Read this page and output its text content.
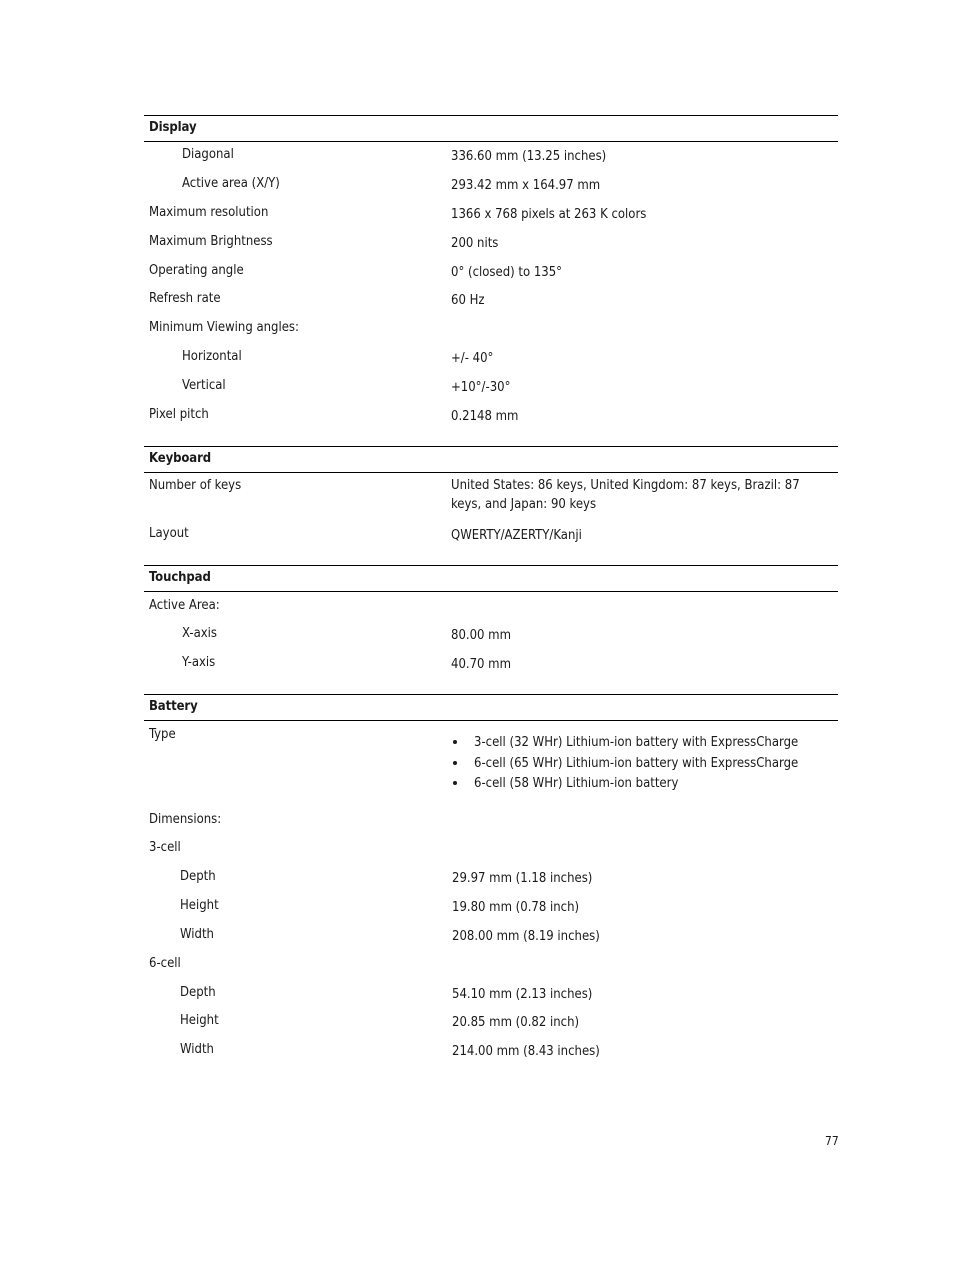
Display
Diagonal	336.60 mm (13.25 inches)
Active area (X/Y)	293.42 mm x 164.97 mm
Maximum resolution	1366 x 768 pixels at 263 K colors
Maximum Brightness	200 nits
Operating angle	0° (closed) to 135°
Refresh rate	60 Hz
Minimum Viewing angles:
Horizontal	+/- 40°
Vertical	+10°/-30°
Pixel pitch	0.2148 mm
Keyboard
Number of keys	United States: 86 keys, United Kingdom: 87 keys, Brazil: 87 keys, and Japan: 90 keys
Layout	QWERTY/AZERTY/Kanji
Touchpad
Active Area:
X-axis	80.00 mm
Y-axis	40.70 mm
Battery
Type
3-cell (32 WHr) Lithium-ion battery with ExpressCharge
6-cell (65 WHr) Lithium-ion battery with ExpressCharge
6-cell (58 WHr) Lithium-ion battery
Dimensions:
3-cell
Depth	29.97 mm (1.18 inches)
Height	19.80 mm (0.78 inch)
Width	208.00 mm (8.19 inches)
6-cell
Depth	54.10 mm (2.13 inches)
Height	20.85 mm (0.82 inch)
Width	214.00 mm (8.43 inches)
77
